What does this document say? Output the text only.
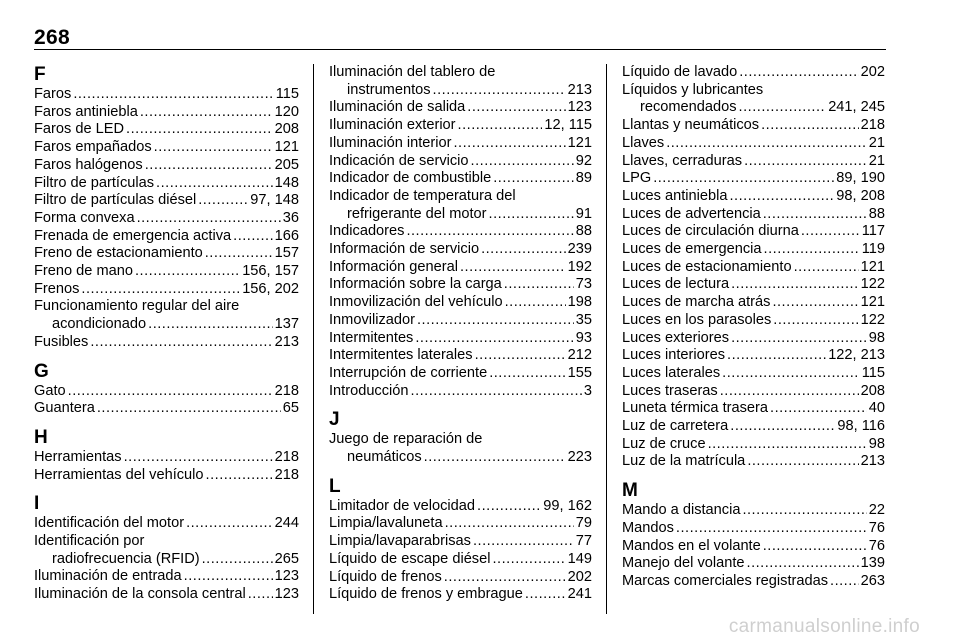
268
F
Faros .....	115
Faros antiniebla .....	120
Faros de LED .....	208
Faros empañados .....	121
Faros halógenos .....	205
Filtro de partículas .....	148
Filtro de partículas diésel .....	97, 148
Forma convexa .....	36
Frenada de emergencia activa .....	166
Freno de estacionamiento .....	157
Freno de mano .....	156, 157
Frenos .....	156, 202
Funcionamiento regular del aire
acondicionado .....	137
Fusibles .....	213
G
Gato .....	218
Guantera .....	65
H
Herramientas .....	218
Herramientas del vehículo .....	218
I
Identificación del motor .....	244
Identificación por
radiofrecuencia (RFID) .....	265
Iluminación de entrada .....	123
Iluminación de la consola central ..... 123
Iluminación del tablero de
instrumentos .....	213
Iluminación de salida .....	123
Iluminación exterior .....	12, 115
Iluminación interior .....	121
Indicación de servicio .....	92
Indicador de combustible .....	89
Indicador de temperatura del
refrigerante del motor .....	91
Indicadores .....	88
Información de servicio .....	239
Información general .....	192
Información sobre la carga .....	73
Inmovilización del vehículo .....	198
Inmovilizador .....	35
Intermitentes .....	93
Intermitentes laterales .....	212
Interrupción de corriente .....	155
Introducción .....	3
J
Juego de reparación de
neumáticos .....	223
L
Limitador de velocidad .....	99, 162
Limpia/lavaluneta .....	79
Limpia/lavaparabrisas .....	77
Líquido de escape diésel .....	149
Líquido de frenos .....	202
Líquido de frenos y embrague .....	241
Líquido de lavado .....	202
Líquidos y lubricantes
recomendados .....	241, 245
Llantas y neumáticos .....	218
Llaves .....	21
Llaves, cerraduras .....	21
LPG .....	89, 190
Luces antiniebla .....	98, 208
Luces de advertencia .....	88
Luces de circulación diurna .....	117
Luces de emergencia .....	119
Luces de estacionamiento .....	121
Luces de lectura .....	122
Luces de marcha atrás .....	121
Luces en los parasoles .....	122
Luces exteriores .....	98
Luces interiores .....	122, 213
Luces laterales .....	115
Luces traseras .....	208
Luneta térmica trasera .....	40
Luz de carretera .....	98, 116
Luz de cruce .....	98
Luz de la matrícula .....	213
M
Mando a distancia .....	22
Mandos .....	76
Mandos en el volante .....	76
Manejo del volante .....	139
Marcas comerciales registradas ..... 263
carmanualsonline.info
